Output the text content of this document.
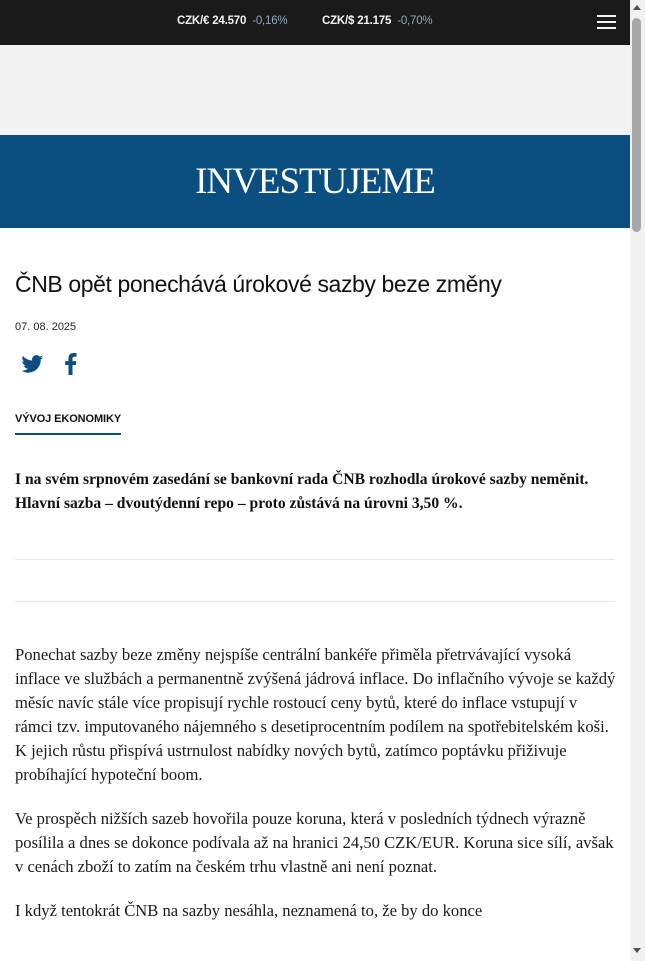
CZK/€ 24.570 -0,16%	CZK/$ 21.175 -0,70%
INVESTUJEME
ČNB opět ponechává úrokové sazby beze změny
07. 08. 2025
VÝVOJ EKONOMIKY

I na svém srpnovém zasedání se bankovní rada ČNB rozhodla úrokové sazby neměnit. Hlavní sazba – dvoutýdenní repo – proto zůstává na úrovni 3,50 %.

Ponechat sazby beze změny nejspíše centrální bankéře přiměla přetrvávající vysoká inflace ve službách a permanentně zvýšená jádrová inflace. Do inflačního vývoje se každý měsíc navíc stále více propisují rychle rostoucí ceny bytů, které do inflace vstupují v rámci tzv. imputovaného nájemného s desetiprocentním podílem na spotřebitelském koši. K jejich růstu přispívá ustrnulost nabídky nových bytů, zatímco poptávku přiživuje probíhající hypoteční boom.

Ve prospěch nižších sazeb hovořila pouze koruna, která v posledních týdnech výrazně posílila a dnes se dokonce podívala až na hranici 24,50 CZK/EUR. Koruna sice sílí, avšak v cenách zboží to zatím na českém trhu vlastně ani není poznat.

I když tentokrát ČNB na sazby nesáhla, neznamená to, že by do konce
